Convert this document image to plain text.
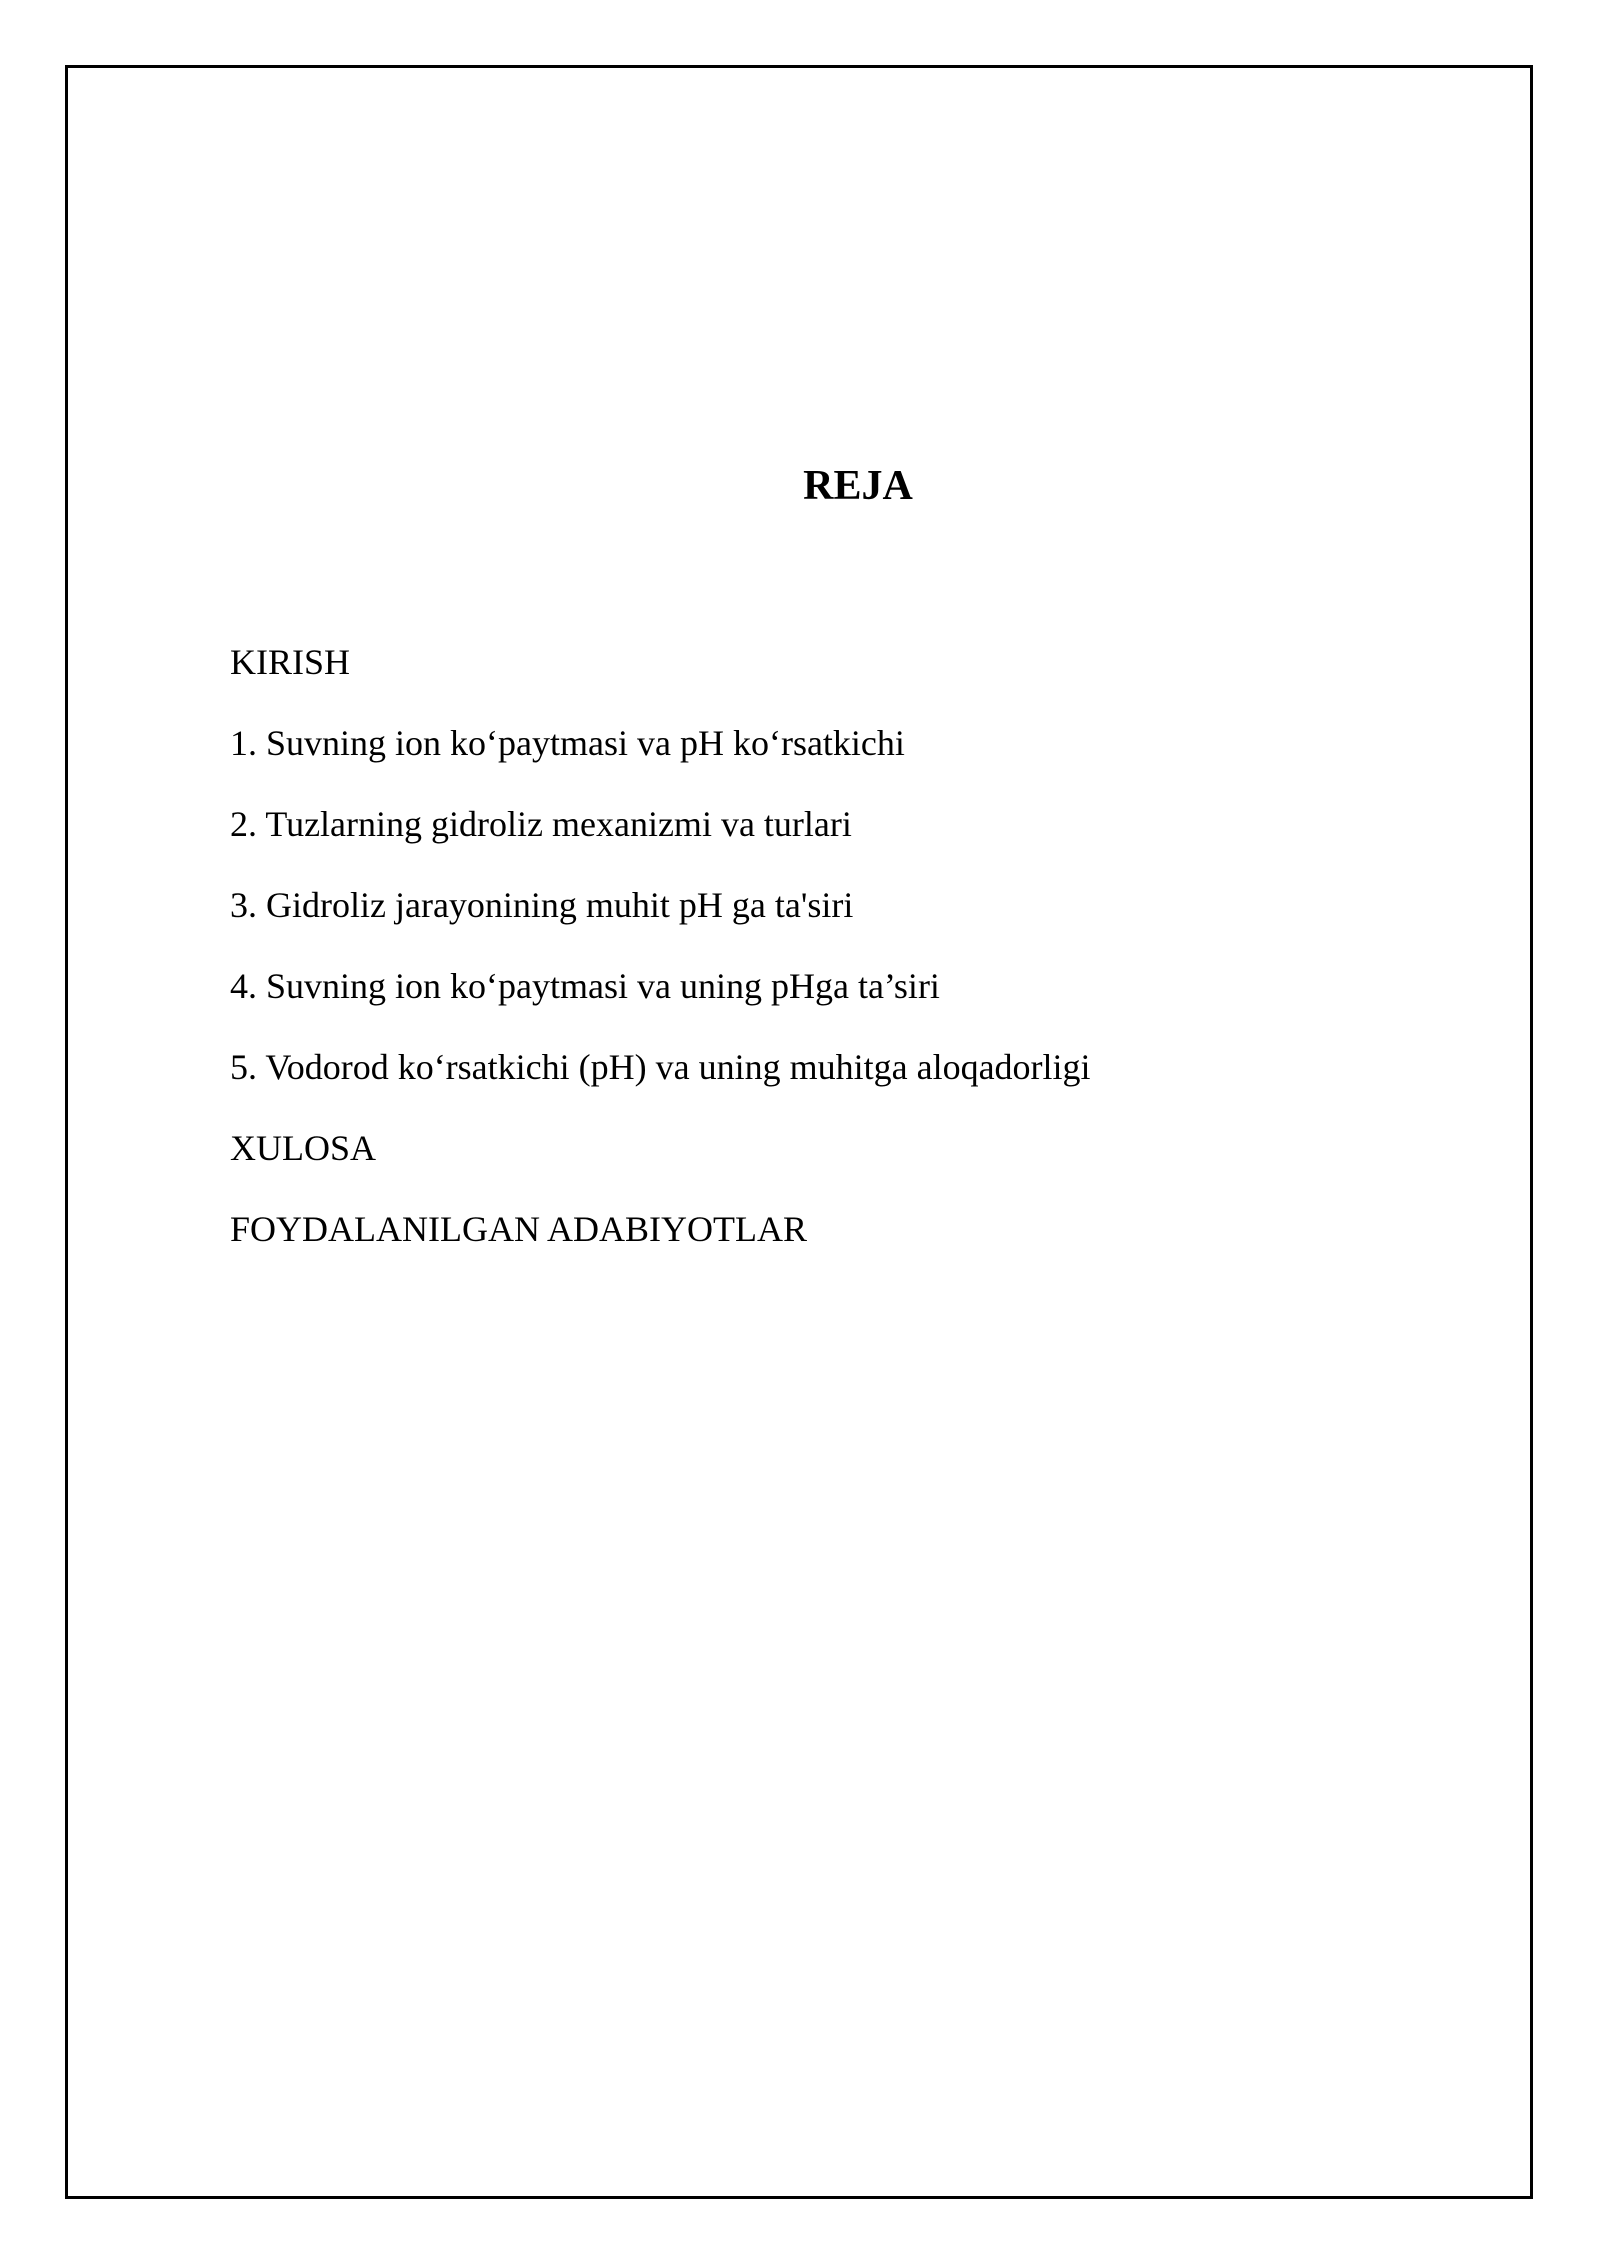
REJA
KIRISH
1. Suvning ion ko‘paytmasi va pH ko‘rsatkichi
2. Tuzlarning gidroliz mexanizmi va turlari
3. Gidroliz jarayonining muhit pH ga ta'siri
4. Suvning ion ko‘paytmasi va uning pHga ta’siri
5. Vodorod ko‘rsatkichi (pH) va uning muhitga aloqadorligi
XULOSA
FOYDALANILGAN ADABIYOTLAR
